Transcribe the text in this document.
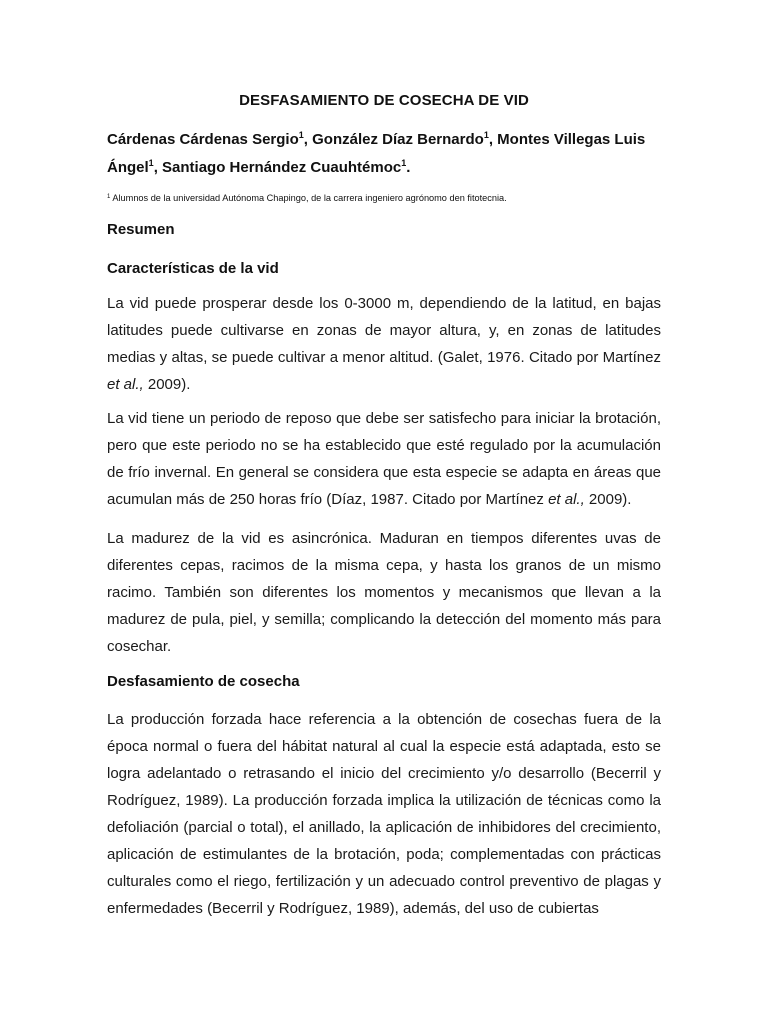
DESFASAMIENTO DE COSECHA DE VID
Cárdenas Cárdenas Sergio$^1$, González Díaz Bernardo$^1$, Montes Villegas Luis
Ángel$^1$, Santiago Hernández Cuauhtémoc$^1$.
$^1$ Alumnos de la universidad Autónoma Chapingo, de la carrera ingeniero agrónomo den fitotecnia.
Resumen
Características de la vid
La vid puede prosperar desde los 0-3000 m, dependiendo de la latitud, en bajas latitudes puede cultivarse en zonas de mayor altura, y, en zonas de latitudes medias y altas, se puede cultivar a menor altitud. (Galet, 1976. Citado por Martínez et al., 2009).
La vid tiene un periodo de reposo que debe ser satisfecho para iniciar la brotación, pero que este periodo no se ha establecido que esté regulado por la acumulación de frío invernal. En general se considera que esta especie se adapta en áreas que acumulan más de 250 horas frío (Díaz, 1987. Citado por Martínez et al., 2009).
La madurez de la vid es asincrónica. Maduran en tiempos diferentes uvas de diferentes cepas, racimos de la misma cepa, y hasta los granos de un mismo racimo. También son diferentes los momentos y mecanismos que llevan a la madurez de pula, piel, y semilla; complicando la detección del momento más para cosechar.
Desfasamiento de cosecha
La producción forzada hace referencia a la obtención de cosechas fuera de la época normal o fuera del hábitat natural al cual la especie está adaptada, esto se logra adelantado o retrasando el inicio del crecimiento y/o desarrollo (Becerril y Rodríguez, 1989). La producción forzada implica la utilización de técnicas como la defoliación (parcial o total), el anillado, la aplicación de inhibidores del crecimiento, aplicación de estimulantes de la brotación, poda; complementadas con prácticas culturales como el riego, fertilización y un adecuado control preventivo de plagas y enfermedades (Becerril y Rodríguez, 1989), además, del uso de cubiertas
